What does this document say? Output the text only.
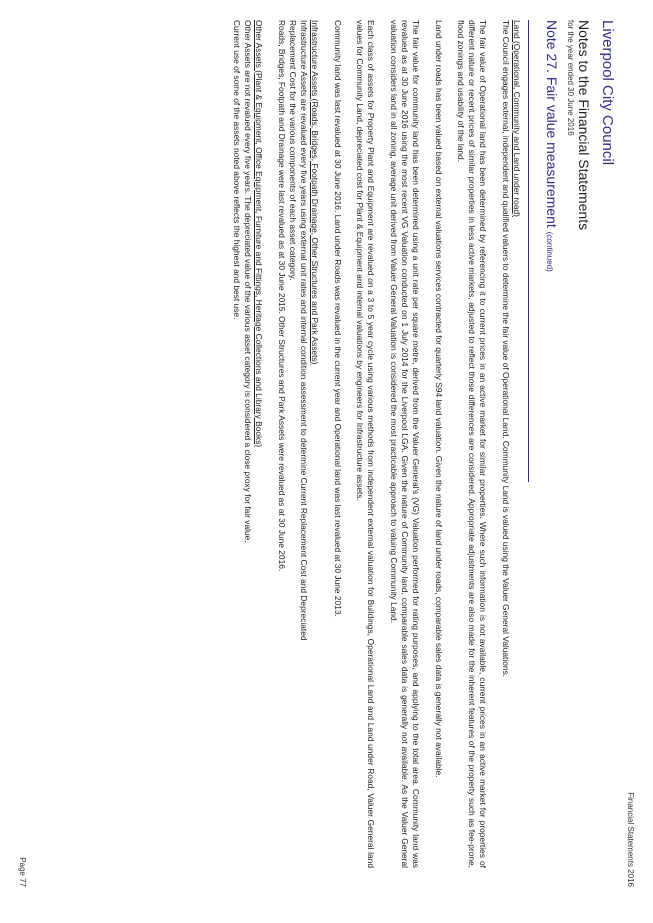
Financial Statements 2016
Liverpool City Council
Notes to the Financial Statements
for the year ended 30 June 2016
Note 27. Fair value measurement(continued)

Land (Operational, Community and Land under road)
The Council engages external, independent and qualified valuers to determine the fair value of Operational Land. Community Land is valued using the Valuer General Valuations.

The fair value of Operational land has been determined by referencing it to current prices in an active market for similar properties. Where such information is not available, current prices in an active market for properties of different nature or recent prices of similar properties in less active markets, adjusted to reflect those differences are considered. Appropriate adjustments are also made for the inherent features of the property such as fee-prone, flood zonings and usability of the land.

Land under roads has been valued based on external valuations services contracted for quarterly S94 land valuation. Given the nature of land under roads, comparable sales data is generally not available.

The fair value for community land has been determined using a unit rate per square metre, derived from the Valuer General's (VG) Valuation performed for rating purposes, and applying to the total area. Community land was revalued as at 30 June 2016 using the most recent VG Valuation conducted on 1 July 2014 for the Liverpool LGA. Given the nature of Community land, comparable sales data is generally not available. As the Valuer General valuation considers land in all zoning, average unit derived from Valuer General Valuation is considered the most practicable approach to valuing Community Land.

Each class of assets for Property Plant and Equipment are revalued on a 3 to 5 year cycle using various methods from independent external valuation for Buildings, Operational Land and Land under Road, Valuer General land values for Community Land, depreciated cost for Plant & Equipment and internal valuations by engineers for Infrastructure assets.

Community land was last revalued at 30 June 2016. Land under Roads was revalued in the current year and Operational land was last revalued at 30 June 2013.

Infrastructure Assets (Roads, Bridges, Footpath Drainage, Other Structures and Park Assets)
Infrastructure Assets are revalued every five years using external unit rates and internal condition assessment to determine Current Replacement Cost and Depreciated
Replacement Cost for the various components of each asset category.
Roads, Bridges, Footpath and Drainage were last revalued as at 30 June 2015. Other Structures and Park Assets were revalued as at 30 June 2016.

Other Assets (Plant & Equipment, Office Equipment, Furniture and Fittings, Heritage Collections and Library Books)
Other Assets are not revalued every five years. The depreciated value of the various asset category is considered a close proxy for fair value.
Current use of some of the assets noted above reflects the highest and best use.

Page 77
